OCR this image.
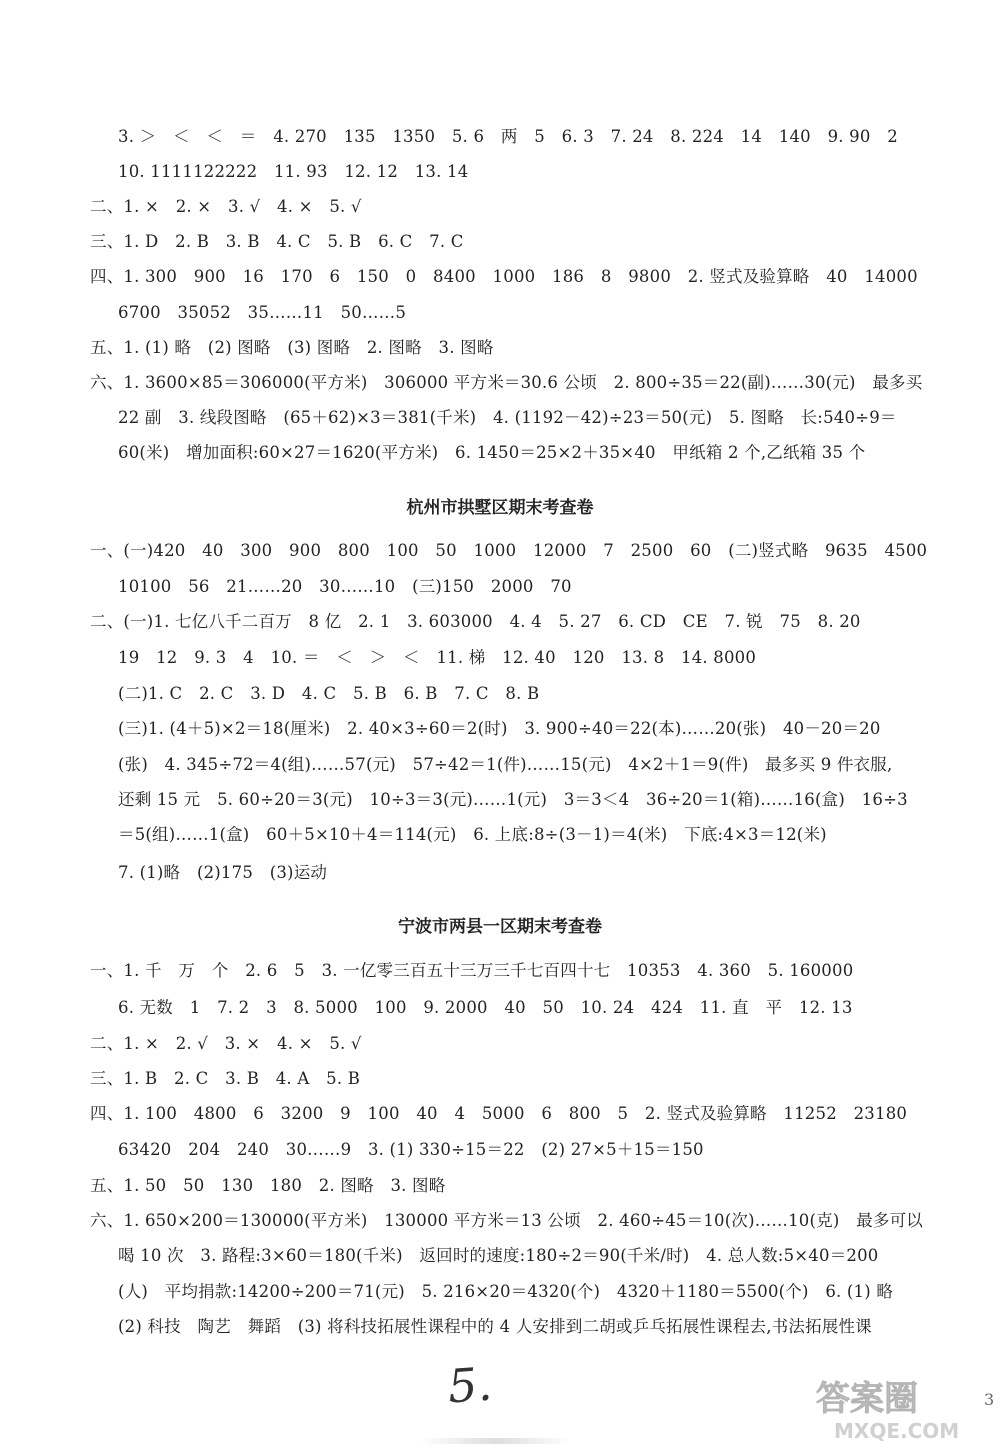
3. ＞　＜　＜　＝　4. 270　135　1350　5. 6　两　5　6. 3　7. 24　8. 224　14　140　9. 90　2
10. 1111122222　11. 93　12. 12　13. 14
二、1. ×　2. ×　3. √　4. ×　5. √
三、1. D　2. B　3. B　4. C　5. B　6. C　7. C
四、1. 300　900　16　170　6　150　0　8400　1000　186　8　9800　2. 竖式及验算略　40　14000
6700　35052　35……11　50……5
五、1. (1) 略　(2) 图略　(3) 图略　2. 图略　3. 图略
六、1. 3600×85＝306000(平方米)　306000 平方米＝30.6 公顷　2. 800÷35＝22(副)……30(元)　最多买
22 副　3. 线段图略　(65＋62)×3＝381(千米)　4. (1192－42)÷23＝50(元)　5. 图略　长:540÷9＝
60(米)　增加面积:60×27＝1620(平方米)　6. 1450＝25×2＋35×40　甲纸箱 2 个,乙纸箱 35 个
杭州市拱墅区期末考查卷
一、(一)420　40　300　900　800　100　50　1000　12000　7　2500　60　(二)竖式略　9635　4500
10100　56　21……20　30……10　(三)150　2000　70
二、(一)1. 七亿八千二百万　8 亿　2. 1　3. 603000　4. 4　5. 27　6. CD　CE　7. 锐　75　8. 20
19　12　9. 3　4　10. ＝　＜　＞　＜　11. 梯　12. 40　120　13. 8　14. 8000
(二)1. C　2. C　3. D　4. C　5. B　6. B　7. C　8. B
(三)1. (4＋5)×2＝18(厘米)　2. 40×3÷60＝2(时)　3. 900÷40＝22(本)……20(张)　40－20＝20
(张)　4. 345÷72＝4(组)……57(元)　57÷42＝1(件)……15(元)　4×2＋1＝9(件)　最多买 9 件衣服,
还剩 15 元　5. 60÷20＝3(元)　10÷3＝3(元)……1(元)　3＝3＜4　36÷20＝1(箱)……16(盒)　16÷3
＝5(组)……1(盒)　60＋5×10＋4＝114(元)　6. 上底:8÷(3－1)＝4(米)　下底:4×3＝12(米)
7. (1)略　(2)175　(3)运动
宁波市两县一区期末考查卷
一、1. 千　万　个　2. 6　5　3. 一亿零三百五十三万三千七百四十七　10353　4. 360　5. 160000
6. 无数　1　7. 2　3　8. 5000　100　9. 2000　40　50　10. 24　424　11. 直　平　12. 13
二、1. ×　2. √　3. ×　4. ×　5. √
三、1. B　2. C　3. B　4. A　5. B
四、1. 100　4800　6　3200　9　100　40　4　5000　6　800　5　2. 竖式及验算略　11252　23180
63420　204　240　30……9　3. (1) 330÷15＝22　(2) 27×5＋15＝150
五、1. 50　50　130　180　2. 图略　3. 图略
六、1. 650×200＝130000(平方米)　130000 平方米＝13 公顷　2. 460÷45＝10(次)……10(克)　最多可以
喝 10 次　3. 路程:3×60＝180(千米)　返回时的速度:180÷2＝90(千米/时)　4. 总人数:5×40＝200
(人)　平均捐款:14200÷200＝71(元)　5. 216×20＝4320(个)　4320＋1180＝5500(个)　6. (1) 略
(2) 科技　陶艺　舞蹈　(3) 将科技拓展性课程中的 4 人安排到二胡或乒乓拓展性课程去,书法拓展性课
5.	答案圈
MXQE.COM
3
